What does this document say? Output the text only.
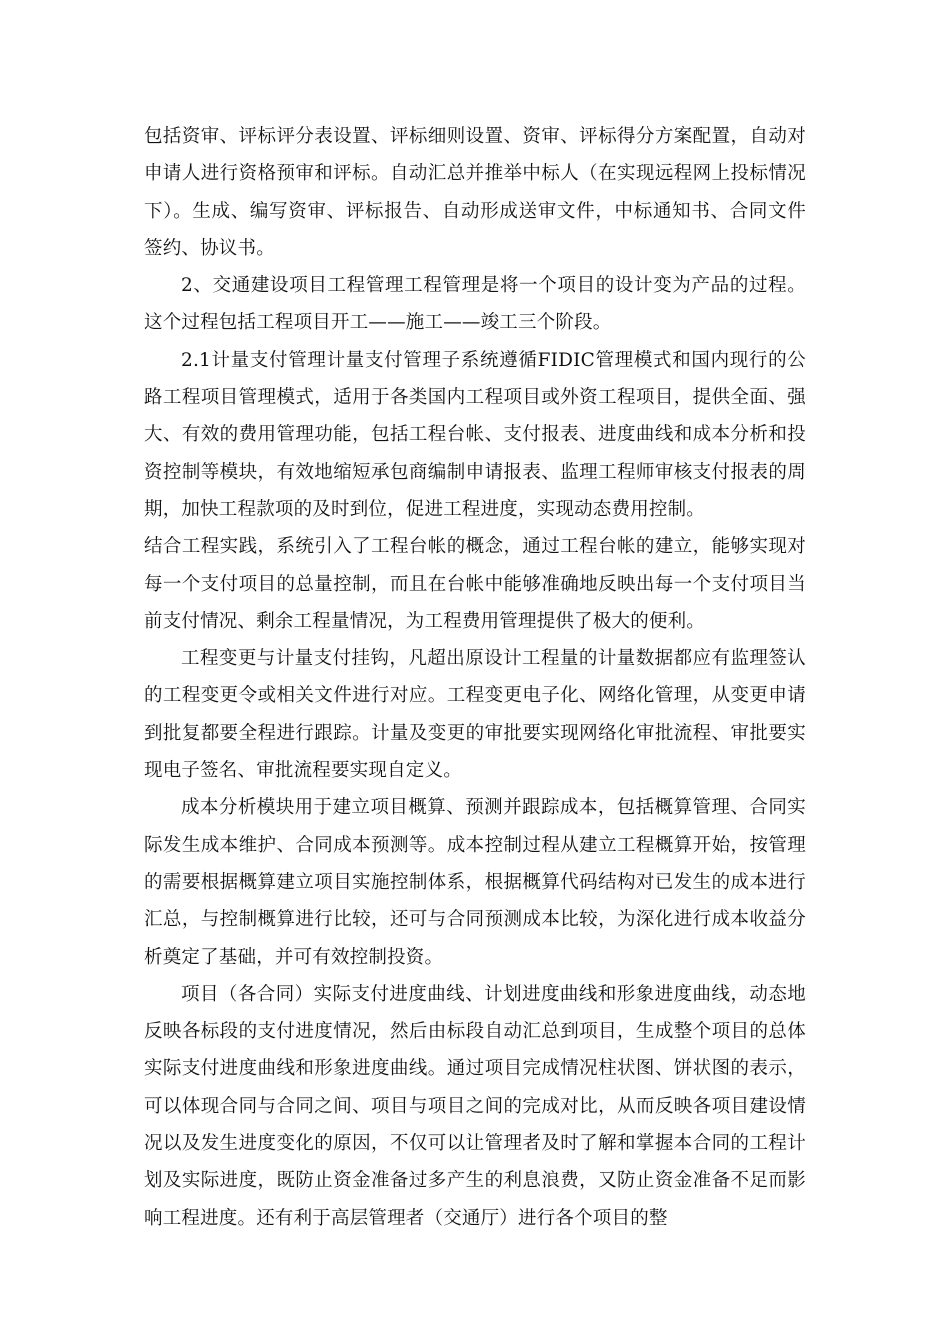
包括资审、评标评分表设置、评标细则设置、资审、评标得分方案配置，自动对申请人进行资格预审和评标。自动汇总并推举中标人（在实现远程网上投标情况下）。生成、编写资审、评标报告、自动形成送审文件，中标通知书、合同文件签约、协议书。

2、交通建设项目工程管理工程管理是将一个项目的设计变为产品的过程。这个过程包括工程项目开工——施工——竣工三个阶段。

2.1计量支付管理计量支付管理子系统遵循FIDIC管理模式和国内现行的公路工程项目管理模式，适用于各类国内工程项目或外资工程项目，提供全面、强大、有效的费用管理功能，包括工程台帐、支付报表、进度曲线和成本分析和投资控制等模块，有效地缩短承包商编制申请报表、监理工程师审核支付报表的周期，加快工程款项的及时到位，促进工程进度，实现动态费用控制。

结合工程实践，系统引入了工程台帐的概念，通过工程台帐的建立，能够实现对每一个支付项目的总量控制，而且在台帐中能够准确地反映出每一个支付项目当前支付情况、剩余工程量情况，为工程费用管理提供了极大的便利。

工程变更与计量支付挂钩，凡超出原设计工程量的计量数据都应有监理签认的工程变更令或相关文件进行对应。工程变更电子化、网络化管理，从变更申请到批复都要全程进行跟踪。计量及变更的审批要实现网络化审批流程、审批要实现电子签名、审批流程要实现自定义。

成本分析模块用于建立项目概算、预测并跟踪成本，包括概算管理、合同实际发生成本维护、合同成本预测等。成本控制过程从建立工程概算开始，按管理的需要根据概算建立项目实施控制体系，根据概算代码结构对已发生的成本进行汇总，与控制概算进行比较，还可与合同预测成本比较，为深化进行成本收益分析奠定了基础，并可有效控制投资。

项目（各合同）实际支付进度曲线、计划进度曲线和形象进度曲线，动态地反映各标段的支付进度情况，然后由标段自动汇总到项目，生成整个项目的总体实际支付进度曲线和形象进度曲线。通过项目完成情况柱状图、饼状图的表示，可以体现合同与合同之间、项目与项目之间的完成对比，从而反映各项目建设情况以及发生进度变化的原因，不仅可以让管理者及时了解和掌握本合同的工程计划及实际进度，既防止资金准备过多产生的利息浪费，又防止资金准备不足而影响工程进度。还有利于高层管理者（交通厅）进行各个项目的整
